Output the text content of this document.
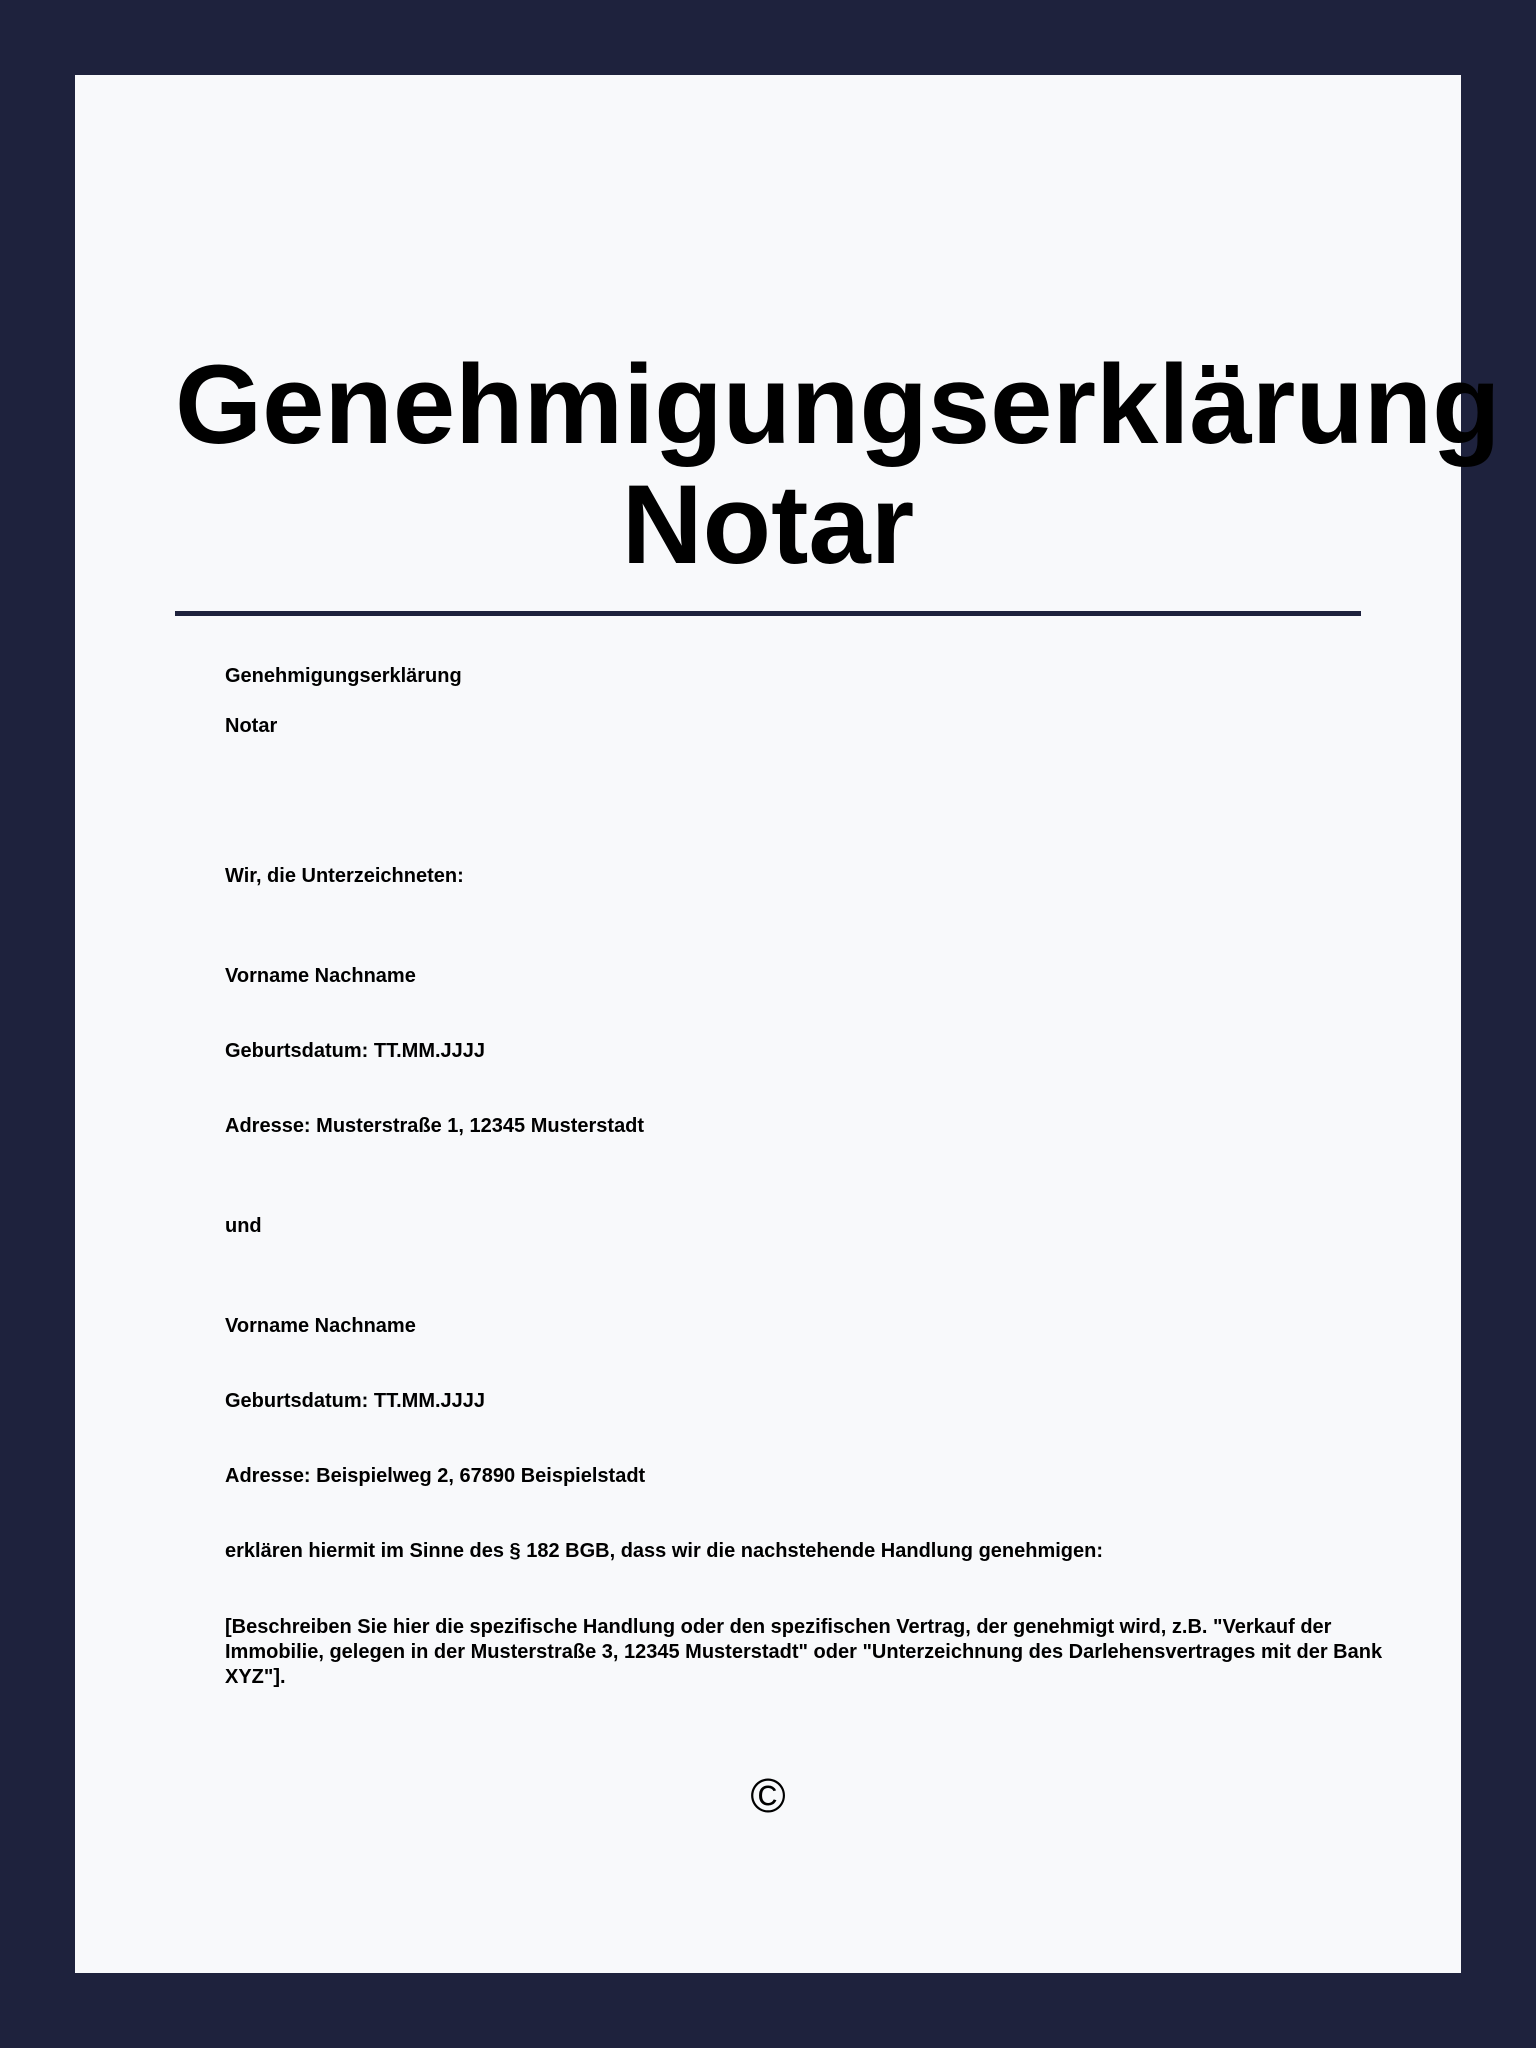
Genehmigungserklärung
Notar
Genehmigungserklärung
Notar
Wir, die Unterzeichneten:
Vorname Nachname
Geburtsdatum: TT.MM.JJJJ
Adresse: Musterstraße 1, 12345 Musterstadt
und
Vorname Nachname
Geburtsdatum: TT.MM.JJJJ
Adresse: Beispielweg 2, 67890 Beispielstadt
erklären hiermit im Sinne des § 182 BGB, dass wir die nachstehende Handlung genehmigen:
[Beschreiben Sie hier die spezifische Handlung oder den spezifischen Vertrag, der genehmigt wird, z.B. "Verkauf der Immobilie, gelegen in der Musterstraße 3, 12345 Musterstadt" oder "Unterzeichnung des Darlehensvertrages mit der Bank XYZ"].
©
